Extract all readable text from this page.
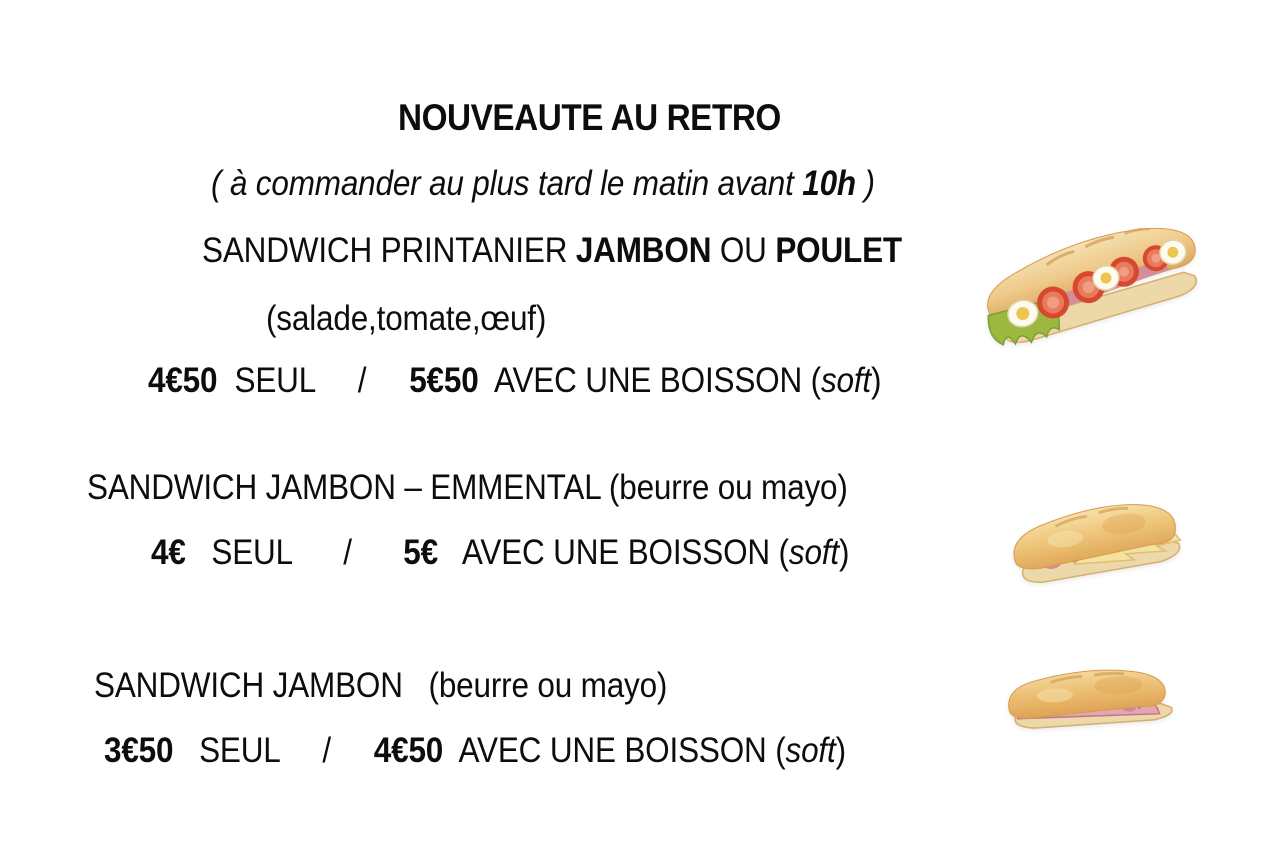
NOUVEAUTE AU RETRO

( à commander au plus tard le matin avant 10h )

SANDWICH PRINTANIER JAMBON OU POULET

(salade,tomate,œuf)

4€50  SEUL     /     5€50  AVEC UNE BOISSON (soft)

SANDWICH JAMBON – EMMENTAL (beurre ou mayo)

4€   SEUL      /      5€   AVEC UNE BOISSON (soft)

SANDWICH JAMBON   (beurre ou mayo)

3€50   SEUL     /     4€50  AVEC UNE BOISSON (soft)
